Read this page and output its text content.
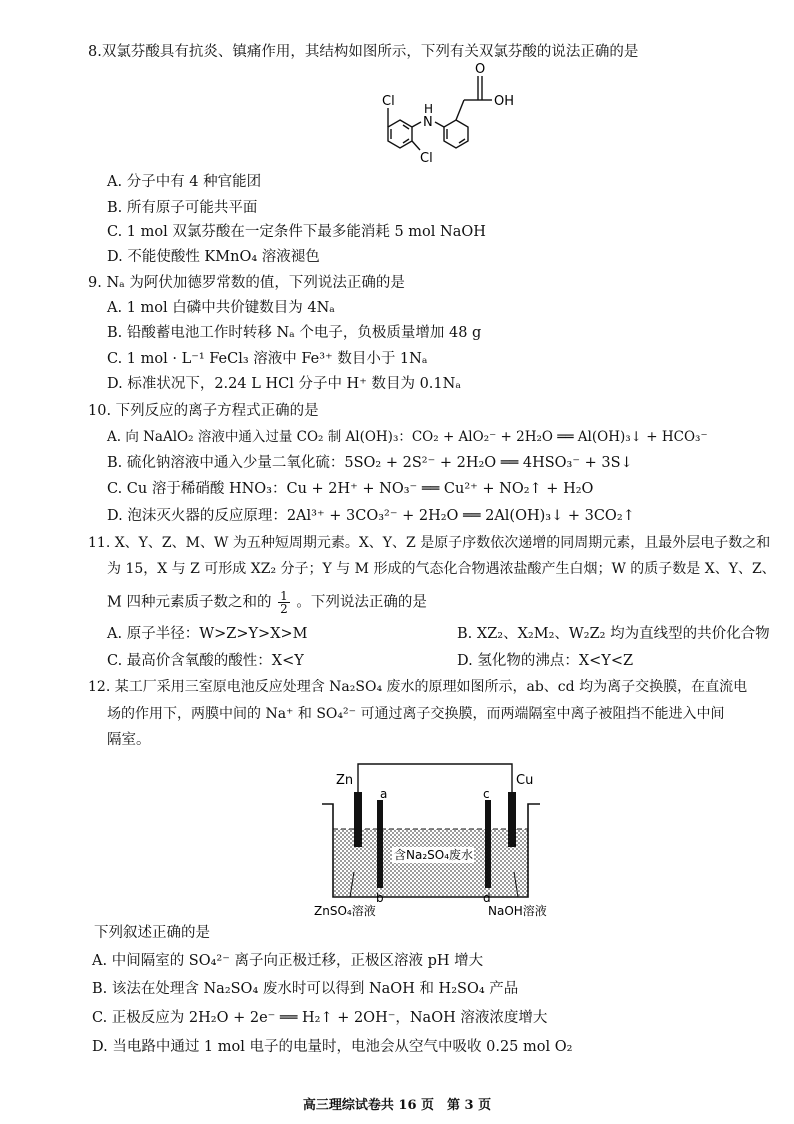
8.双氯芬酸具有抗炎、镇痛作用，其结构如图所示，下列有关双氯芬酸的说法正确的是
Cl
N
H
Cl
O
OH
A. 分子中有 4 种官能团
B. 所有原子可能共平面
C. 1 mol 双氯芬酸在一定条件下最多能消耗 5 mol NaOH
D. 不能使酸性 KMnO₄ 溶液褪色
9. Nₐ 为阿伏加德罗常数的值，下列说法正确的是
A. 1 mol 白磷中共价键数目为 4Nₐ
B. 铅酸蓄电池工作时转移 Nₐ 个电子，负极质量增加 48 g
C. 1 mol · L⁻¹ FeCl₃ 溶液中 Fe³⁺ 数目小于 1Nₐ
D. 标准状况下，2.24 L HCl 分子中 H⁺ 数目为 0.1Nₐ
10. 下列反应的离子方程式正确的是
A. 向 NaAlO₂ 溶液中通入过量 CO₂ 制 Al(OH)₃：CO₂ + AlO₂⁻ + 2H₂O ══ Al(OH)₃↓ + HCO₃⁻
B. 硫化钠溶液中通入少量二氧化硫：5SO₂ + 2S²⁻ + 2H₂O ══ 4HSO₃⁻ + 3S↓
C. Cu 溶于稀硝酸 HNO₃：Cu + 2H⁺ + NO₃⁻ ══ Cu²⁺ + NO₂↑ + H₂O
D. 泡沫灭火器的反应原理：2Al³⁺ + 3CO₃²⁻ + 2H₂O ══ 2Al(OH)₃↓ + 3CO₂↑
11. X、Y、Z、M、W 为五种短周期元素。X、Y、Z 是原子序数依次递增的同周期元素，且最外层电子数之和
为 15，X 与 Z 可形成 XZ₂ 分子；Y 与 M 形成的气态化合物遇浓盐酸产生白烟；W 的质子数是 X、Y、Z、
M 四种元素质子数之和的 $\frac{1}{2}$ 。下列说法正确的是
A. 原子半径：W>Z>Y>X>M	B. XZ₂、X₂M₂、W₂Z₂ 均为直线型的共价化合物
C. 最高价含氧酸的酸性：X<Y	D. 氢化物的沸点：X<Y<Z
12. 某工厂采用三室原电池反应处理含 Na₂SO₄ 废水的原理如图所示，ab、cd 均为离子交换膜，在直流电
场的作用下，两膜中间的 Na⁺ 和 SO₄²⁻ 可通过离子交换膜，而两端隔室中离子被阻挡不能进入中间
隔室。
Zn	Cu
a	c
b	d
含Na₂SO₄废水
ZnSO₄溶液	NaOH溶液
下列叙述正确的是
A. 中间隔室的 SO₄²⁻ 离子向正极迁移，正极区溶液 pH 增大
B. 该法在处理含 Na₂SO₄ 废水时可以得到 NaOH 和 H₂SO₄ 产品
C. 正极反应为 2H₂O + 2e⁻ ══ H₂↑ + 2OH⁻，NaOH 溶液浓度增大
D. 当电路中通过 1 mol 电子的电量时，电池会从空气中吸收 0.25 mol O₂
高三理综试卷共 16 页　第 3 页
